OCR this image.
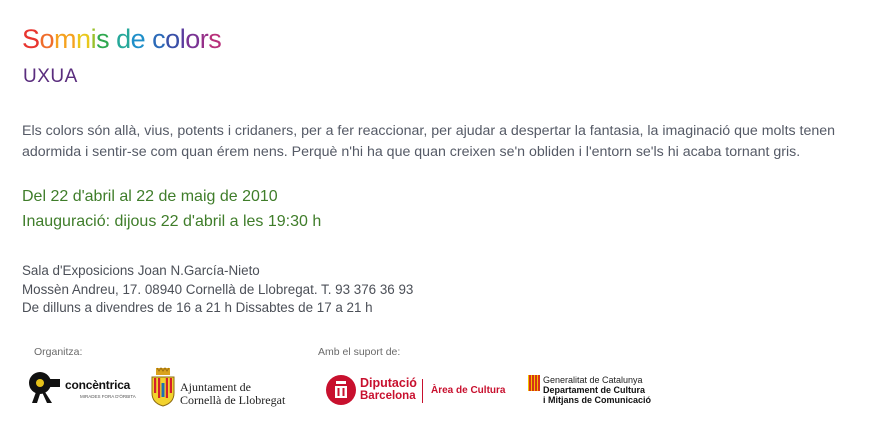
Somnis de colors
UXUA
Els colors són allà, vius, potents i cridaners, per a fer reaccionar, per ajudar a despertar la fantasia, la imaginació que molts tenen adormida i sentir-se com quan érem nens. Perquè n'hi ha que quan creixen se'n obliden i l'entorn se'ls hi acaba tornant gris.
Del 22 d'abril al 22 de maig de 2010
Inauguració: dijous 22 d'abril a les 19:30 h
Sala d'Exposicions Joan N.García-Nieto
Mossèn Andreu, 17. 08940 Cornellà de Llobregat. T. 93 376 36 93
De dilluns a divendres de 16 a 21 h Dissabtes de 17 a 21 h
Organitza:	Amb el suport de:
concèntrica
MIRADES FORA D'ÒRBITA
Ajuntament de
Cornellà de Llobregat
Diputació
Barcelona Àrea de Cultura
Generalitat de Catalunya
Departament de Cultura
i Mitjans de Comunicació
